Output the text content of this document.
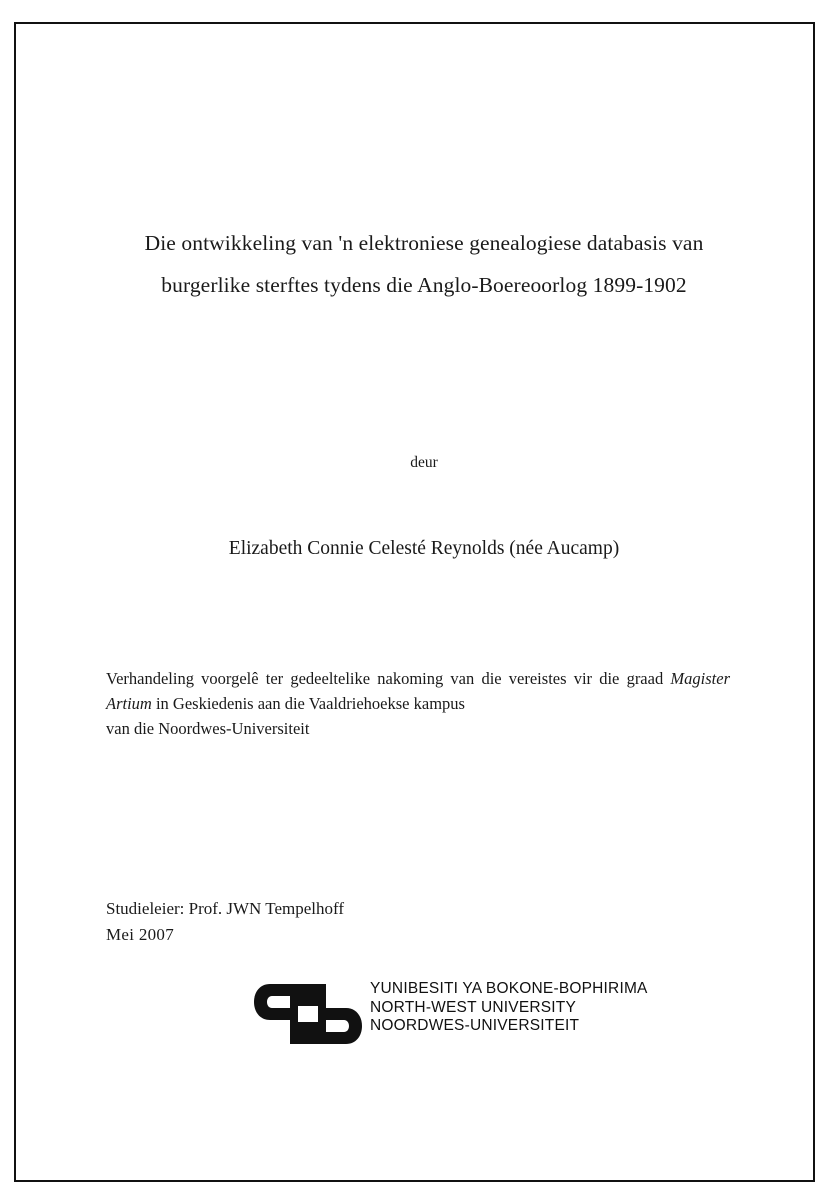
Die ontwikkeling van 'n elektroniese genealogiese databasis van
burgerlike sterftes tydens die Anglo-Boereoorlog 1899-1902
deur
Elizabeth Connie Celesté Reynolds (née Aucamp)
Verhandeling voorgelê ter gedeeltelike nakoming van die vereistes vir die graad Magister Artium in Geskiedenis aan die Vaaldriehoekse kampus
van die Noordwes-Universiteit
Studieleier: Prof. JWN Tempelhoff
Mei 2007
YUNIBESITI YA BOKONE-BOPHIRIMA
NORTH-WEST UNIVERSITY
NOORDWES-UNIVERSITEIT
